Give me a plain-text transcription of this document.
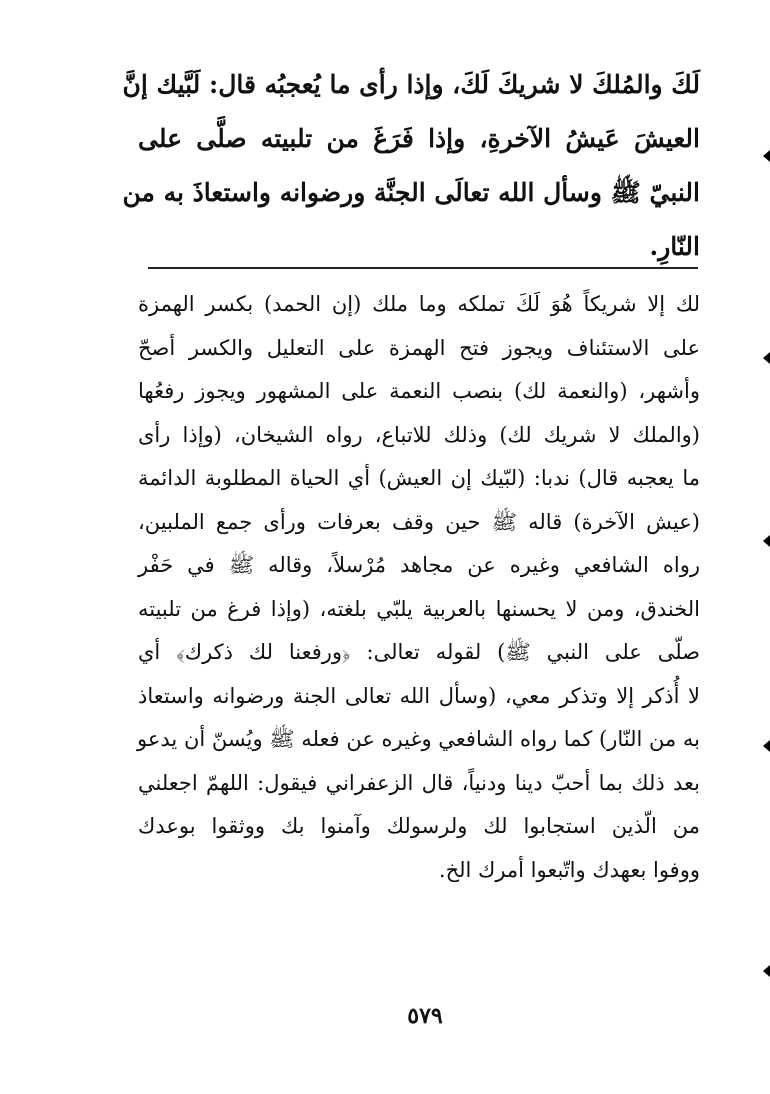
لَكَ والمُلكَ لا شريكَ لَكَ، وإذا رأى ما يُعجبُه قال: لَبَّيك إنَّ
العيشَ عَيشُ الآخرةِ، وإذا فَرَغَ من تلبيته صلَّى على
النبيّ ﷺ وسأل الله تعالَى الجنَّة ورضوانه واستعاذَ به من
النّارِ.
لك إلا شريكاً هُوَ لَكَ تملكه وما ملك (إن الحمد) بكسر الهمزة
على الاستئناف ويجوز فتح الهمزة على التعليل والكسر أصحّ
وأشهر، (والنعمة لك) بنصب النعمة على المشهور ويجوز رفعُها
(والملك لا شريك لك) وذلك للاتباع، رواه الشيخان، (وإذا رأى
ما يعجبه قال) ندبا: (لبّيك إن العيش) أي الحياة المطلوبة الدائمة
(عيش الآخرة) قاله ﷺ حين وقف بعرفات ورأى جمع الملبين،
رواه الشافعي وغيره عن مجاهد مُرْسلاً، وقاله ﷺ في حَفْر
الخندق، ومن لا يحسنها بالعربية يلبّي بلغته، (وإذا فرغ من تلبيته
صلّى على النبي ﷺ) لقوله تعالى: ﴿ورفعنا لك ذكرك﴾ أي
لا أُذكر إلا وتذكر معي، (وسأل الله تعالى الجنة ورضوانه واستعاذ
به من النّار) كما رواه الشافعي وغيره عن فعله ﷺ ويُسنّ أن يدعو
بعد ذلك بما أحبّ دينا ودنياً، قال الزعفراني فيقول: اللهمّ اجعلني
من الّذين استجابوا لك ولرسولك وآمنوا بك ووثقوا بوعدك
ووفوا بعهدك واتّبعوا أمرك الخ.
٥٧٩
